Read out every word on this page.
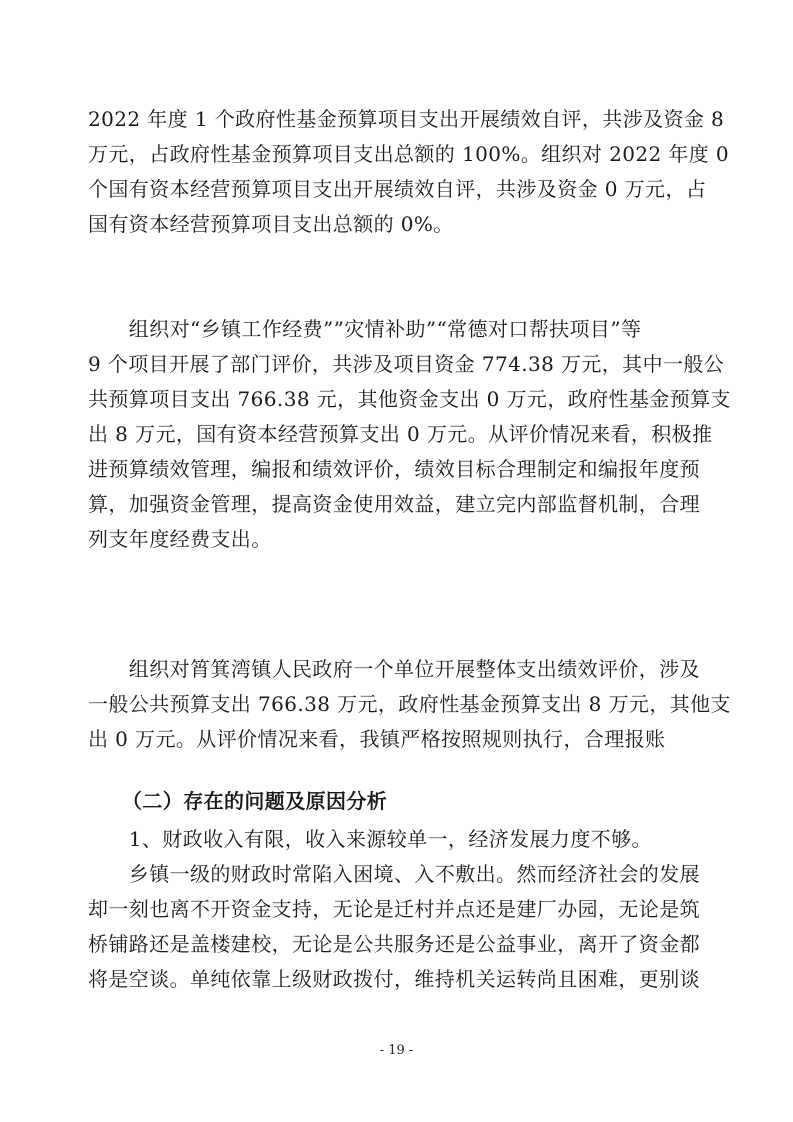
2022 年度 1 个政府性基金预算项目支出开展绩效自评，共涉及资金 8
万元，占政府性基金预算项目支出总额的 100%。组织对 2022 年度 0
个国有资本经营预算项目支出开展绩效自评，共涉及资金 0 万元，占
国有资本经营预算项目支出总额的 0%。
　　组织对“乡镇工作经费””灾情补助”“常德对口帮扶项目”等
9 个项目开展了部门评价，共涉及项目资金 774.38 万元，其中一般公
共预算项目支出 766.38 元，其他资金支出 0 万元，政府性基金预算支
出 8 万元，国有资本经营预算支出 0 万元。从评价情况来看，积极推
进预算绩效管理，编报和绩效评价，绩效目标合理制定和编报年度预
算，加强资金管理，提高资金使用效益，建立完内部监督机制，合理
列支年度经费支出。
　　组织对筲箕湾镇人民政府一个单位开展整体支出绩效评价，涉及
一般公共预算支出 766.38 万元，政府性基金预算支出 8 万元，其他支
出 0 万元。从评价情况来看，我镇严格按照规则执行，合理报账
（二）存在的问题及原因分析
　　1、财政收入有限，收入来源较单一，经济发展力度不够。
　　乡镇一级的财政时常陷入困境、入不敷出。然而经济社会的发展
却一刻也离不开资金支持，无论是迁村并点还是建厂办园，无论是筑
桥铺路还是盖楼建校，无论是公共服务还是公益事业，离开了资金都
将是空谈。单纯依靠上级财政拨付，维持机关运转尚且困难，更别谈
- 19 -
